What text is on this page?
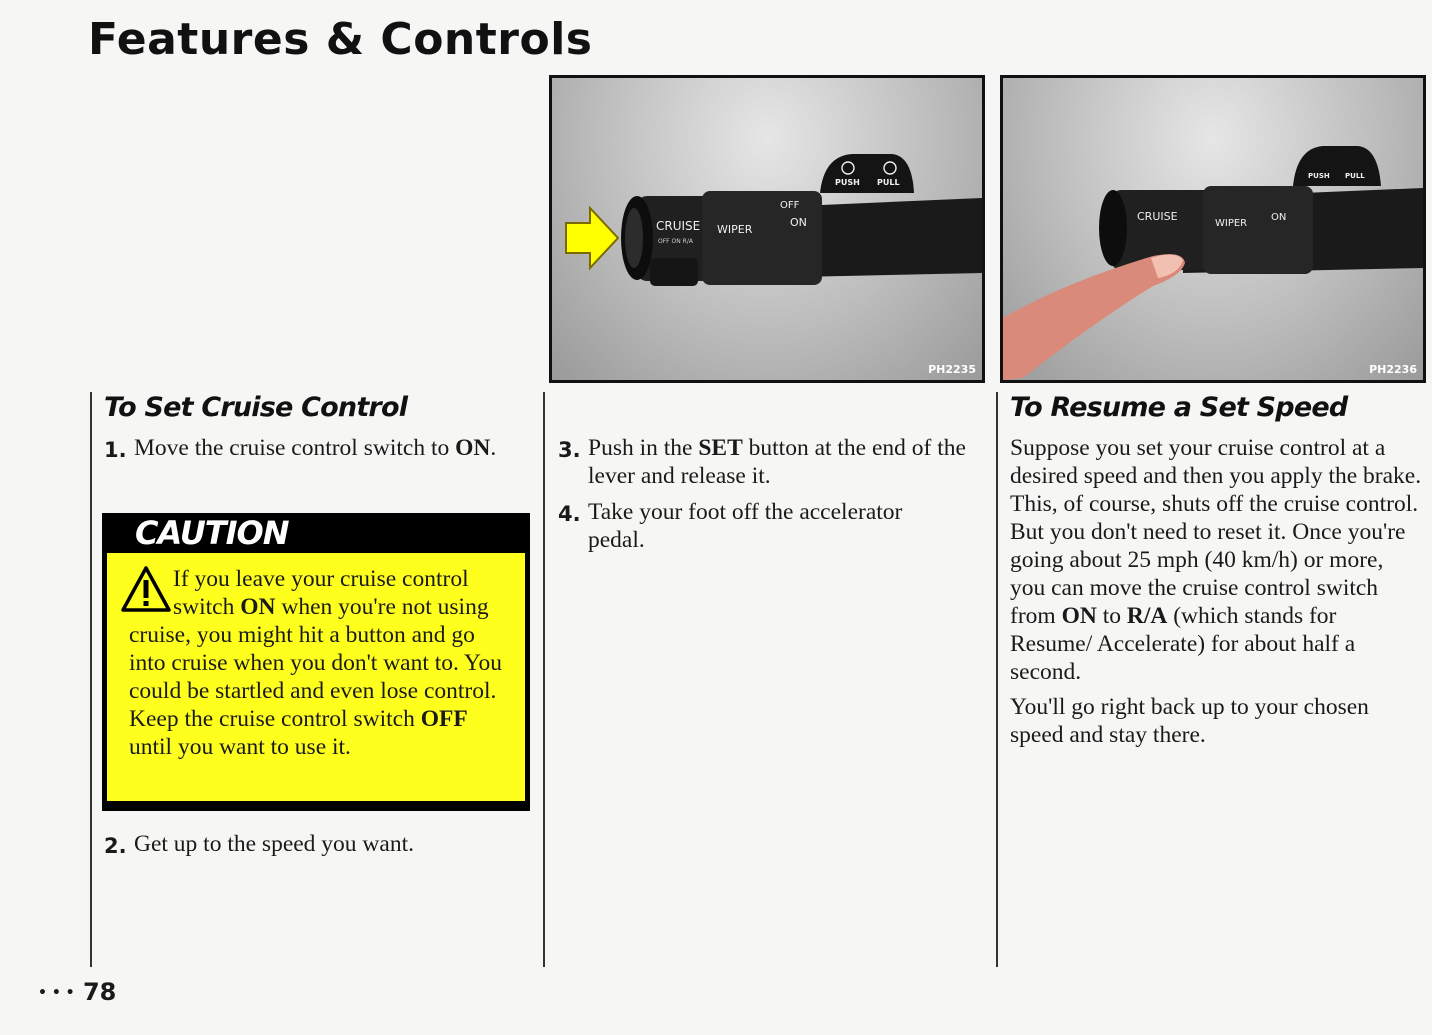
Features & Controls
CRUISE
OFF ON R/A
WIPER
OFF
ON
PUSH PULL
PH2235
CRUISE
WIPER
ON
PUSH PULL
PH2236
To Set Cruise Control
1. Move the cruise control switch to ON.
CAUTION
If you leave your cruise control switch ON when you're not using cruise, you might hit a button and go into cruise when you don't want to. You could be startled and even lose control. Keep the cruise control switch OFF until you want to use it.
2. Get up to the speed you want.
3. Push in the SET button at the end of the lever and release it.
4. Take your foot off the accelerator pedal.
To Resume a Set Speed

Suppose you set your cruise control at a desired speed and then you apply the brake. This, of course, shuts off the cruise control. But you don't need to reset it. Once you're going about 25 mph (40 km/h) or more, you can move the cruise control switch from ON to R/A (which stands for Resume/ Accelerate) for about half a second.

You'll go right back up to your chosen speed and stay there.

• • • 78
